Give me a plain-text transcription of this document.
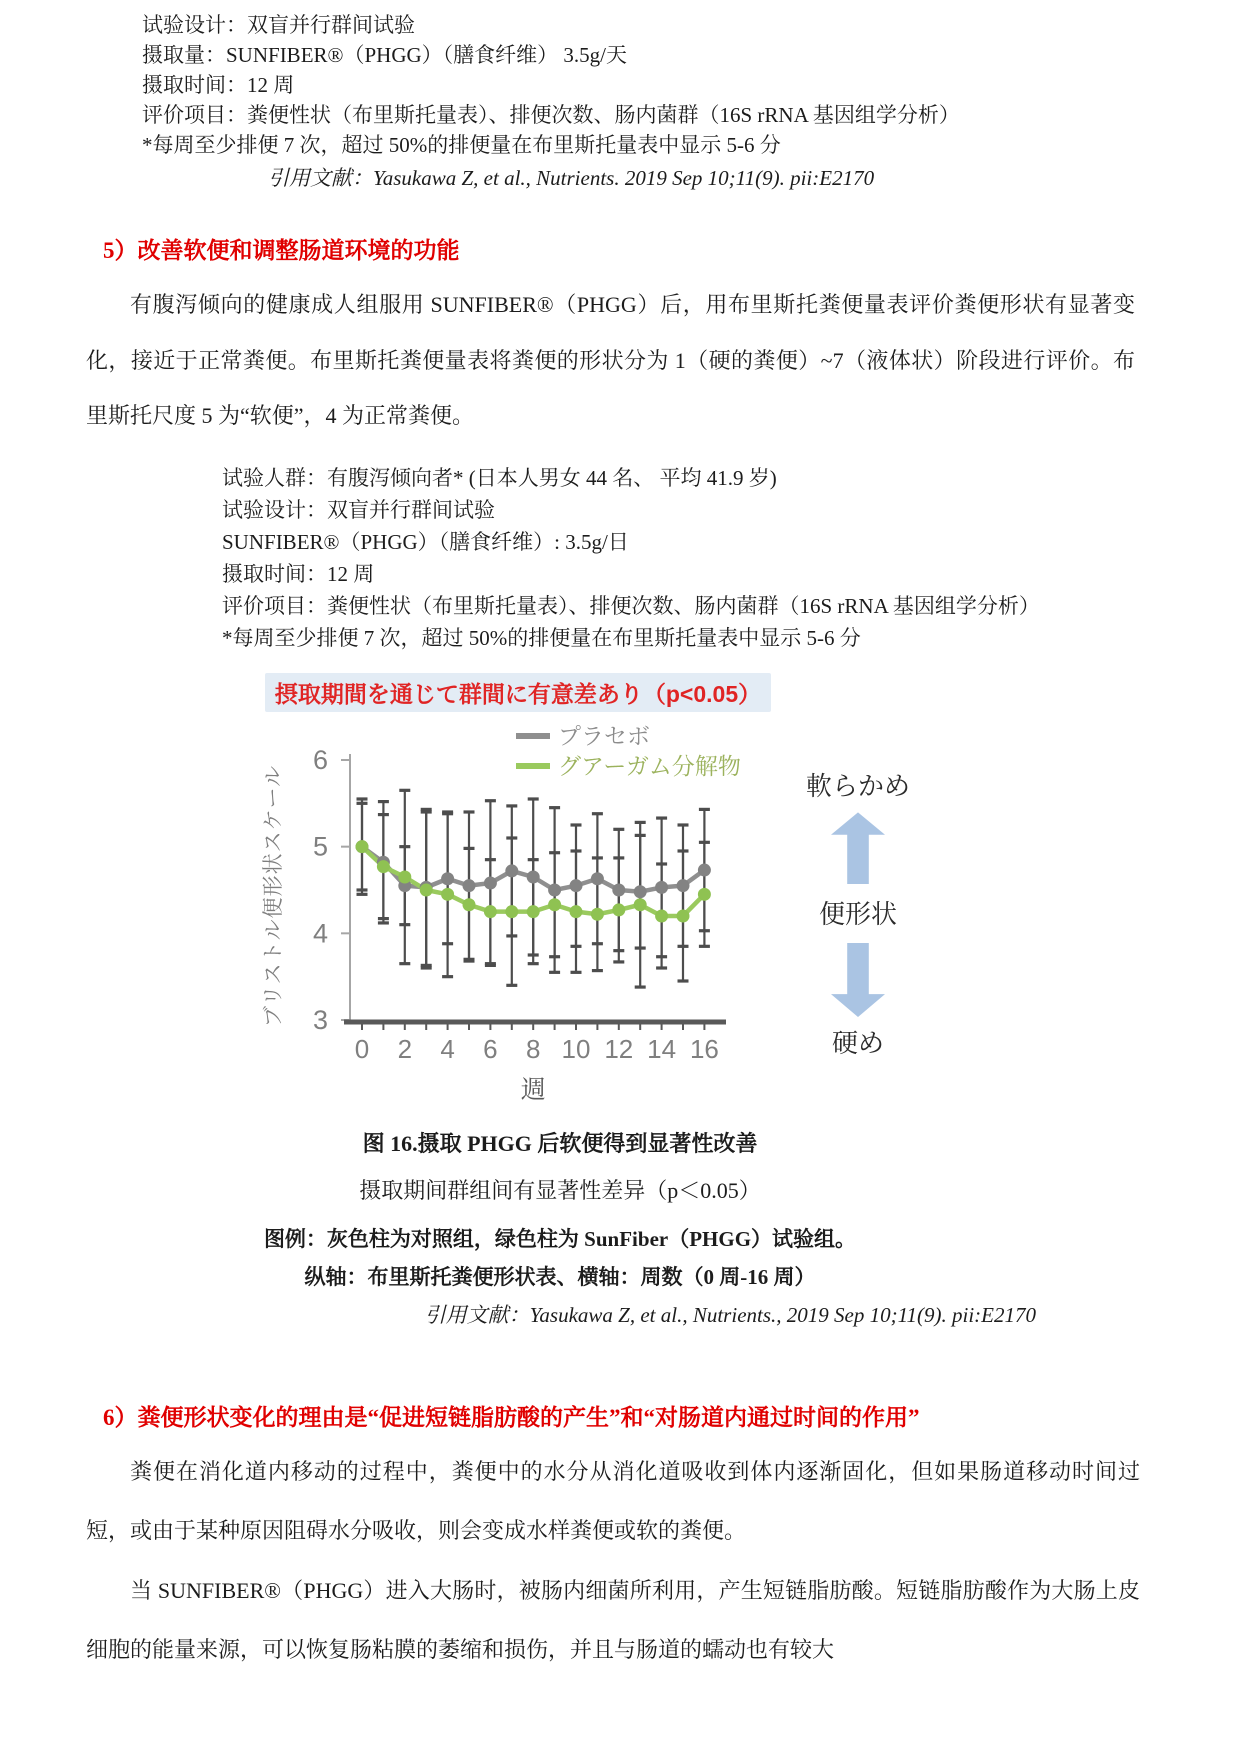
试验设计：双盲并行群间试验
摄取量：SUNFIBER®（PHGG）（膳食纤维） 3.5g/天
摄取时间：12 周
评价项目：粪便性状（布里斯托量表）、排便次数、肠内菌群（16S rRNA 基因组学分析）
*每周至少排便 7 次，超过 50%的排便量在布里斯托量表中显示 5-6 分
引用文献：Yasukawa Z, et al., Nutrients. 2019 Sep 10;11(9). pii:E2170
5）改善软便和调整肠道环境的功能
有腹泻倾向的健康成人组服用 SUNFIBER®（PHGG）后，用布里斯托粪便量表评价粪便形状有显著变化，接近于正常粪便。布里斯托粪便量表将粪便的形状分为 1（硬的粪便）~7（液体状）阶段进行评价。布里斯托尺度 5 为“软便”，4 为正常粪便。
试验人群：有腹泻倾向者* (日本人男女 44 名、 平均 41.9 岁)
试验设计：双盲并行群间试验
SUNFIBER®（PHGG）（膳食纤维）: 3.5g/日
摄取时间：12 周
评价项目：粪便性状（布里斯托量表）、排便次数、肠内菌群（16S rRNA 基因组学分析）
*每周至少排便 7 次，超过 50%的排便量在布里斯托量表中显示 5-6 分
摂取期間を通じて群間に有意差あり（p<0.05）
3
4
5
6
ブリストル便形状スケール
0 2 4 6 8 10 12 14 16
週
プラセボ
グアーガム分解物
軟らかめ
便形状
硬め
图 16.摄取 PHGG 后软便得到显著性改善
摄取期间群组间有显著性差异（p＜0.05）
图例：灰色柱为对照组，绿色柱为 SunFiber（PHGG）试验组。
纵轴：布里斯托粪便形状表、横轴：周数（0 周-16 周）
引用文献：Yasukawa Z, et al., Nutrients., 2019 Sep 10;11(9). pii:E2170
6）粪便形状变化的理由是“促进短链脂肪酸的产生”和“对肠道内通过时间的作用”
粪便在消化道内移动的过程中，粪便中的水分从消化道吸收到体内逐渐固化，但如果肠道移动时间过短，或由于某种原因阻碍水分吸收，则会变成水样粪便或软的粪便。
当 SUNFIBER®（PHGG）进入大肠时，被肠内细菌所利用，产生短链脂肪酸。短链脂肪酸作为大肠上皮细胞的能量来源，可以恢复肠粘膜的萎缩和损伤，并且与肠道的蠕动也有较大
